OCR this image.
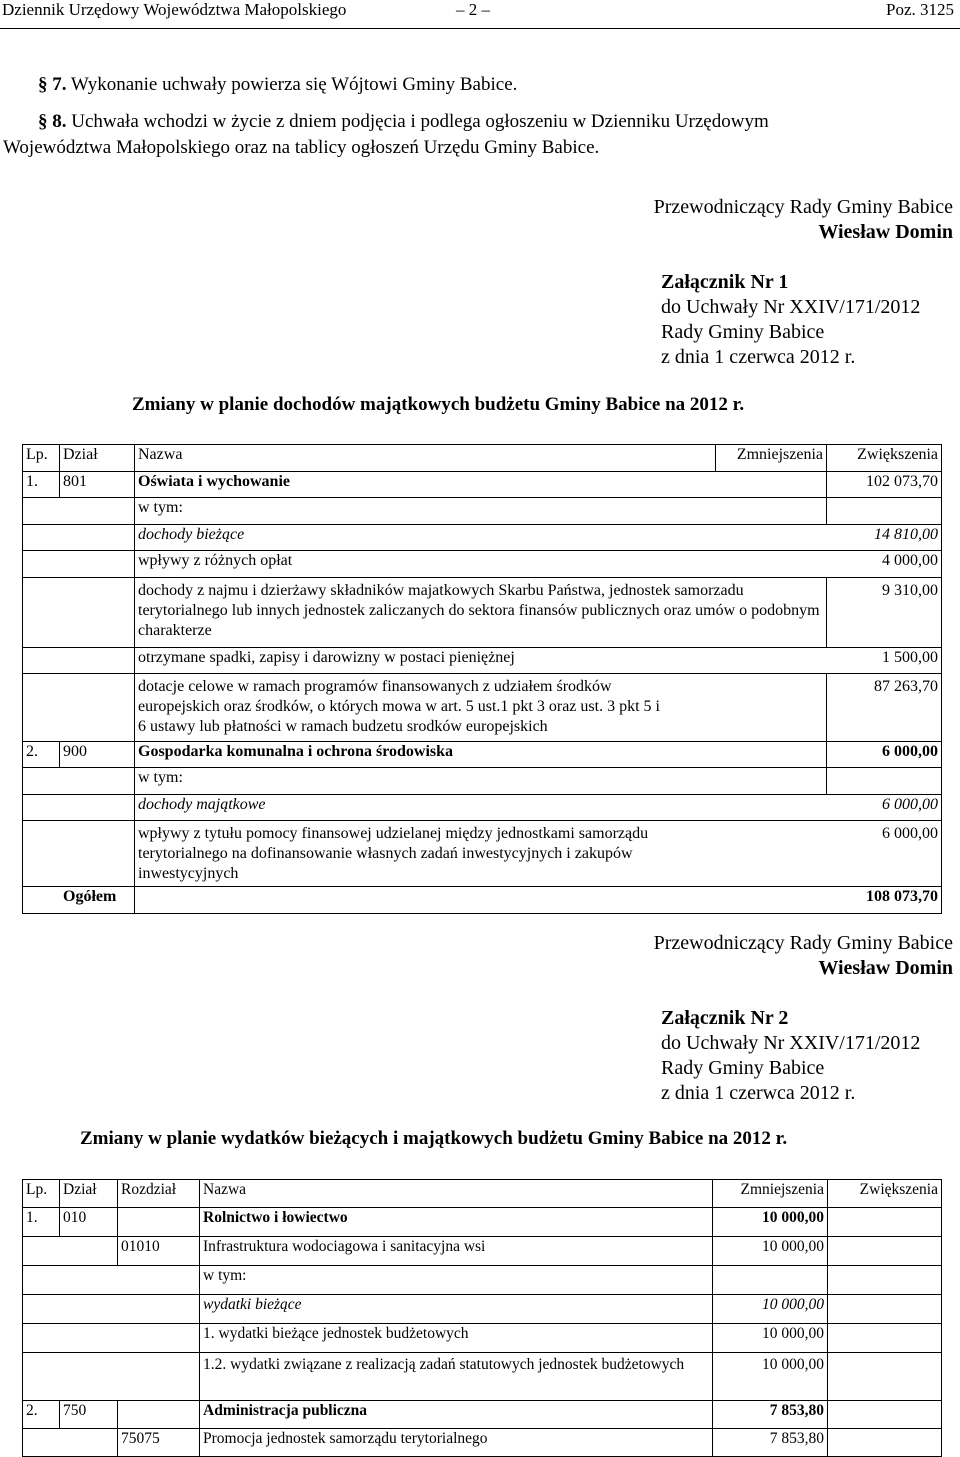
Dziennik Urzędowy Województwa Małopolskiego	– 2 –	Poz. 3125
§ 7. Wykonanie uchwały powierza się Wójtowi Gminy Babice.
§ 8. Uchwała wchodzi w życie z dniem podjęcia i podlega ogłoszeniu w Dzienniku Urzędowym
Województwa Małopolskiego oraz na tablicy ogłoszeń Urzędu Gminy Babice.
Przewodniczący Rady Gminy Babice
Wiesław Domin
Załącznik Nr 1
do Uchwały Nr XXIV/171/2012
Rady Gminy Babice
z dnia 1 czerwca 2012 r.
Zmiany w planie dochodów majątkowych budżetu Gminy Babice na 2012 r.
Lp.	Dział	Nazwa	Zmniejszenia	Zwiększenia
1.	801	Oświata i wychowanie		102 073,70
		w tym:		
		dochody bieżące		14 810,00
		wpływy z różnych opłat		4 000,00
		dochody z najmu i dzierżawy składników majatkowych Skarbu Państwa, jednostek samorzadu terytorialnego lub innych jednostek zaliczanych do sektora finansów publicznych oraz umów o podobnym charakterze		9 310,00
		otrzymane spadki, zapisy i darowizny w postaci pieniężnej		1 500,00
		dotacje celowe w ramach programów finansowanych z udziałem środków europejskich oraz środków, o których mowa w art. 5 ust.1 pkt 3 oraz ust. 3 pkt 5 i 6 ustawy lub płatności w ramach budzetu srodków europejskich		87 263,70
2.	900	Gospodarka komunalna i ochrona środowiska		6 000,00
		w tym:		
		dochody majątkowe		6 000,00
		wpływy z tytułu pomocy finansowej udzielanej między jednostkami samorządu terytorialnego na dofinansowanie własnych zadań inwestycyjnych i zakupów inwestycyjnych		6 000,00
Ogółem				108 073,70
Przewodniczący Rady Gminy Babice
Wiesław Domin
Załącznik Nr 2
do Uchwały Nr XXIV/171/2012
Rady Gminy Babice
z dnia 1 czerwca 2012 r.
Zmiany w planie wydatków bieżących i majątkowych budżetu Gminy Babice na 2012 r.
Lp.	Dział	Rozdział	Nazwa	Zmniejszenia	Zwiększenia
1.	010		Rolnictwo i łowiectwo	10 000,00	
		01010	Infrastruktura wodociagowa i sanitacyjna wsi	10 000,00	
			w tym:		
			wydatki bieżące	10 000,00	
			1. wydatki bieżące jednostek budżetowych	10 000,00	
			1.2. wydatki związane z realizacją zadań statutowych jednostek budżetowych	10 000,00	
2.	750		Administracja publiczna	7 853,80	
		75075	Promocja jednostek samorządu terytorialnego	7 853,80	
